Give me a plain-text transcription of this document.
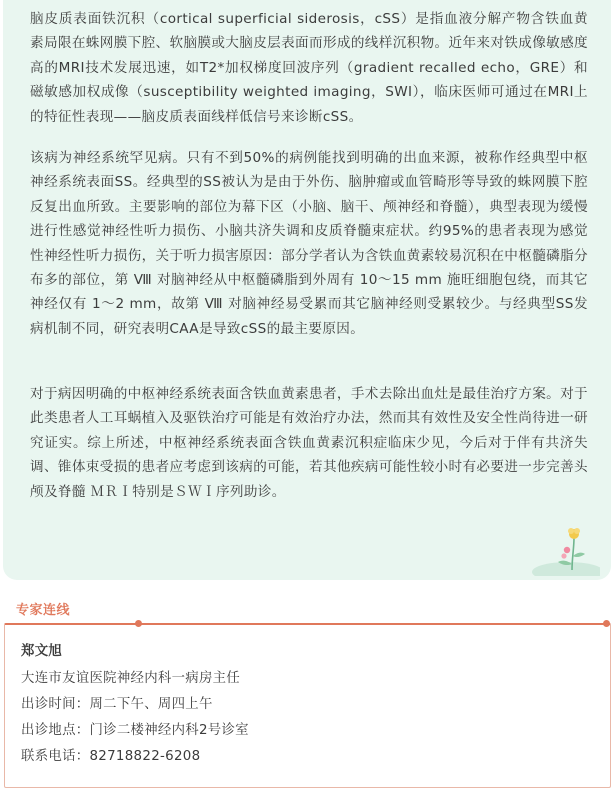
脑皮质表面铁沉积（cortical superficial siderosis，cSS）是指血液分解产物含铁血黄素局限在蛛网膜下腔、软脑膜或大脑皮层表面而形成的线样沉积物。近年来对铁成像敏感度高的MRI技术发展迅速，如T2*加权梯度回波序列（gradient recalled echo，GRE）和磁敏感加权成像（susceptibility weighted imaging，SWI），临床医师可通过在MRI上的特征性表现——脑皮质表面线样低信号来诊断cSS。

该病为神经系统罕见病。只有不到50%的病例能找到明确的出血来源，被称作经典型中枢神经系统表面SS。经典型的SS被认为是由于外伤、脑肿瘤或血管畸形等导致的蛛网膜下腔反复出血所致。主要影响的部位为幕下区（小脑、脑干、颅神经和脊髓），典型表现为缓慢进行性感觉神经性听力损伤、小脑共济失调和皮质脊髓束症状。约95%的患者表现为感觉性神经性听力损伤，关于听力损害原因：部分学者认为含铁血黄素较易沉积在中枢髓磷脂分布多的部位，第 Ⅷ 对脑神经从中枢髓磷脂到外周有 10～15 mm 施旺细胞包绕，而其它神经仅有 1～2 mm，故第 Ⅷ 对脑神经易受累而其它脑神经则受累较少。与经典型SS发病机制不同，研究表明CAA是导致cSS的最主要原因。

对于病因明确的中枢神经系统表面含铁血黄素患者，手术去除出血灶是最佳治疗方案。对于此类患者人工耳蜗植入及驱铁治疗可能是有效治疗办法，然而其有效性及安全性尚待进一研究证实。综上所述，中枢神经系统表面含铁血黄素沉积症临床少见，今后对于伴有共济失调、锥体束受损的患者应考虑到该病的可能，若其他疾病可能性较小时有必要进一步完善头颅及脊髓 ＭＲＩ特别是ＳＷＩ序列助诊。

专家连线
郑文旭
大连市友谊医院神经内科一病房主任
出诊时间：周二下午、周四上午
出诊地点：门诊二楼神经内科2号诊室
联系电话：82718822-6208
